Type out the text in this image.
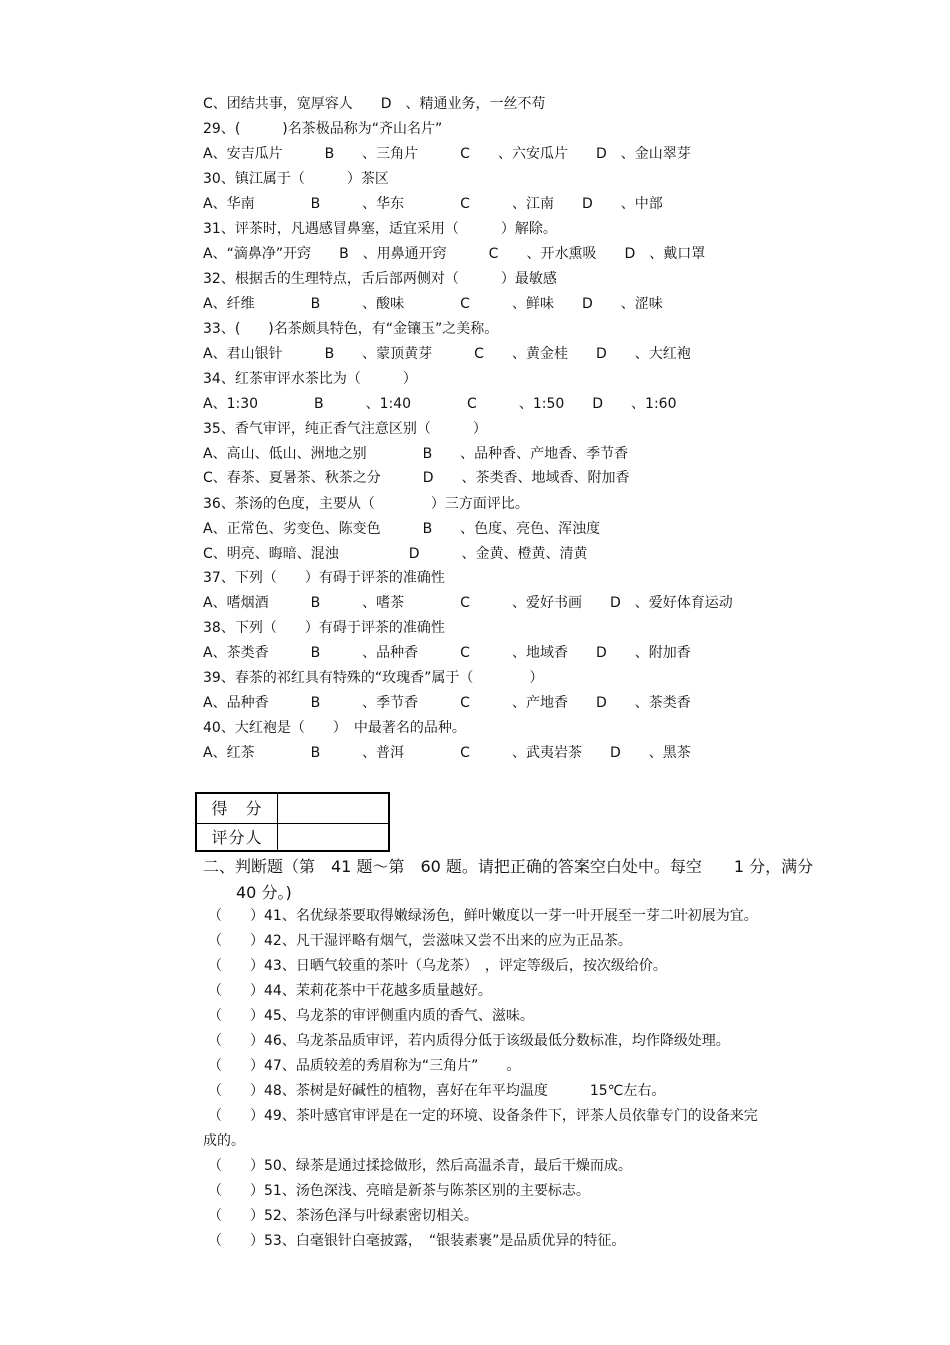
C、团结共事，宽厚容人　　D　、精通业务，一丝不苟
29、(　　　)名茶极品称为“齐山名片”
A、安吉瓜片　　　B　　、三角片　　　C　　、六安瓜片　　D　、金山翠芽
30、镇江属于（　　　）茶区
A、华南　　　　B　　　、华东　　　　C　　　、江南　　D　　、中部
31、评茶时，凡遇感冒鼻塞，适宜采用（　　　）解除。
A、“滴鼻净”开窍　　B　、用鼻通开窍　　　C　　、开水熏吸　　D　、戴口罩
32、根据舌的生理特点，舌后部两侧对（　　　）最敏感
A、纤维　　　　B　　　、酸味　　　　C　　　、鲜味　　D　　、涩味
33、(　　)名茶颇具特色，有“金镶玉”之美称。
A、君山银针　　　B　　、蒙顶黄芽　　　C　　、黄金桂　　D　　、大红袍
34、红茶审评水茶比为（　　　）
A、1:30　　　　B　　　、1:40　　　　C　　　、1:50　　D　　、1:60
35、香气审评，纯正香气注意区别（　　　）
A、高山、低山、洲地之别　　　　B　　、品种香、产地香、季节香
C、春茶、夏暑茶、秋茶之分　　　D　　、茶类香、地域香、附加香
36、茶汤的色度，主要从（　　　　）三方面评比。
A、正常色、劣变色、陈变色　　　B　　、色度、亮色、浑浊度
C、明亮、晦暗、混浊　　　　　D　　　、金黄、橙黄、清黄
37、下列（　　）有碍于评茶的准确性
A、嗜烟酒　　　B　　　、嗜茶　　　　C　　　、爱好书画　　D　、爱好体育运动
38、下列（　　）有碍于评茶的准确性
A、茶类香　　　B　　　、品种香　　　C　　　、地域香　　D　　、附加香
39、春茶的祁红具有特殊的“玫瑰香”属于（　　　　）
A、品种香　　　B　　　、季节香　　　C　　　、产地香　　D　　、茶类香
40、大红袍是（　　）　中最著名的品种。
A、红茶　　　　B　　　、普洱　　　　C　　　、武夷岩茶　　D　　、黑茶
得　分
评分人
二、判断题（第　41 题～第　60 题。请把正确的答案空白处中。每空　　1 分，满分
40 分。)
（　　）41、名优绿茶要取得嫩绿汤色，鲜叶嫩度以一芽一叶开展至一芽二叶初展为宜。
（　　）42、凡干湿评略有烟气，尝滋味又尝不出来的应为正品茶。
（　　）43、日晒气较重的茶叶（乌龙茶）　，评定等级后，按次级给价。
（　　）44、茉莉花茶中干花越多质量越好。
（　　）45、乌龙茶的审评侧重内质的香气、滋味。
（　　）46、乌龙茶品质审评，若内质得分低于该级最低分数标准，均作降级处理。
（　　）47、品质较差的秀眉称为“三角片”　　。
（　　）48、茶树是好碱性的植物，喜好在年平均温度　　　15℃左右。
（　　）49、茶叶感官审评是在一定的环境、设备条件下，评茶人员依靠专门的设备来完
成的。
（　　）50、绿茶是通过揉捻做形，然后高温杀青，最后干燥而成。
（　　）51、汤色深浅、亮暗是新茶与陈茶区别的主要标志。
（　　）52、茶汤色泽与叶绿素密切相关。
（　　）53、白毫银针白毫披露，　“银装素裹”是品质优异的特征。
